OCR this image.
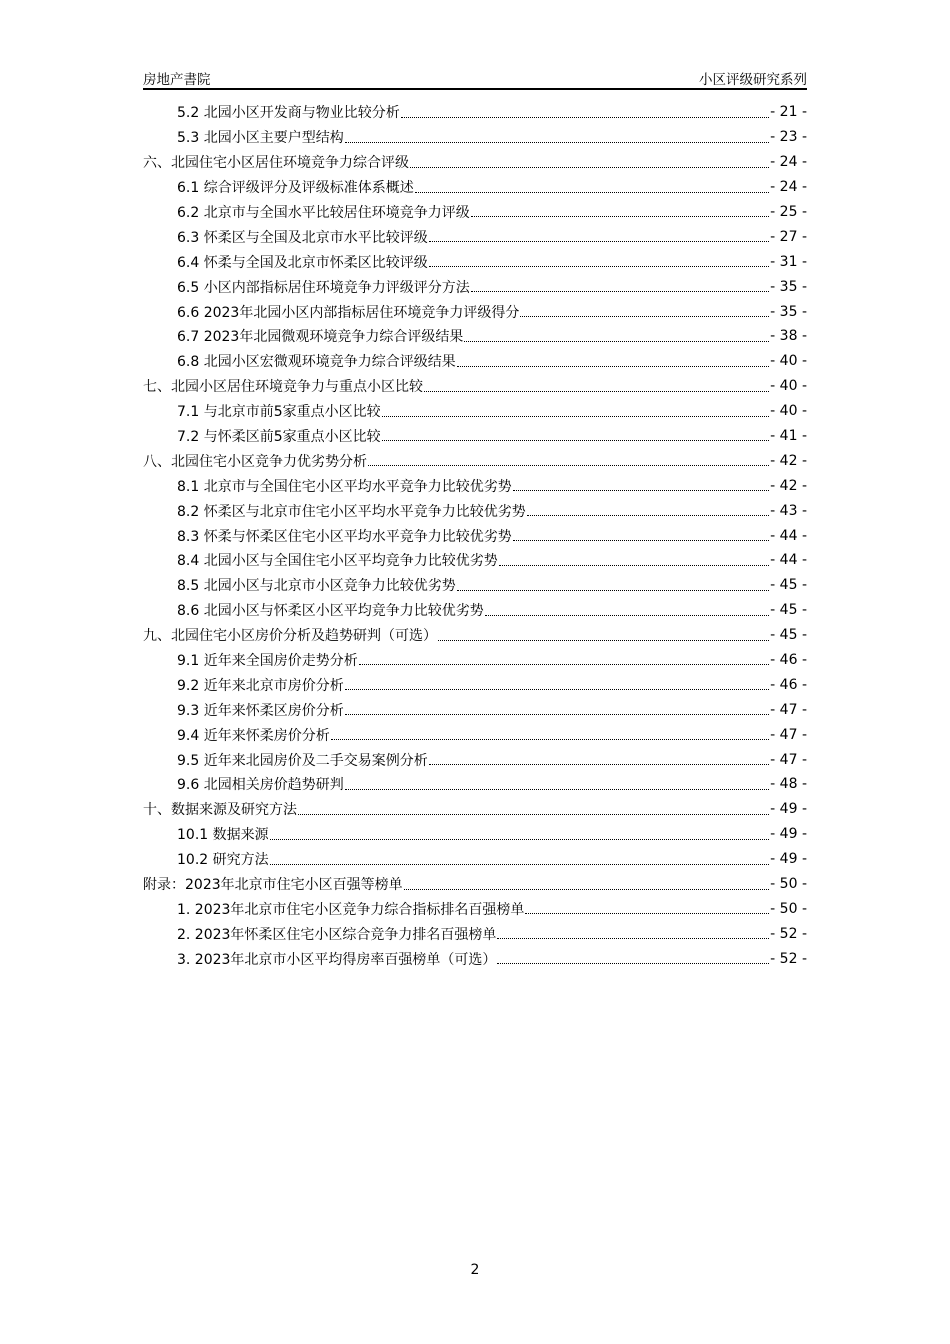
房地产書院	小区评级研究系列
5.2 北园小区开发商与物业比较分析	- 21 -
5.3 北园小区主要户型结构	- 23 -
六、北园住宅小区居住环境竞争力综合评级	- 24 -
6.1 综合评级评分及评级标准体系概述	- 24 -
6.2 北京市与全国水平比较居住环境竞争力评级	- 25 -
6.3 怀柔区与全国及北京市水平比较评级	- 27 -
6.4 怀柔与全国及北京市怀柔区比较评级	- 31 -
6.5 小区内部指标居住环境竞争力评级评分方法	- 35 -
6.6 2023年北园小区内部指标居住环境竞争力评级得分	- 35 -
6.7 2023年北园微观环境竞争力综合评级结果	- 38 -
6.8 北园小区宏微观环境竞争力综合评级结果	- 40 -
七、北园小区居住环境竞争力与重点小区比较	- 40 -
7.1 与北京市前5家重点小区比较	- 40 -
7.2 与怀柔区前5家重点小区比较	- 41 -
八、北园住宅小区竞争力优劣势分析	- 42 -
8.1 北京市与全国住宅小区平均水平竞争力比较优劣势	- 42 -
8.2 怀柔区与北京市住宅小区平均水平竞争力比较优劣势	- 43 -
8.3 怀柔与怀柔区住宅小区平均水平竞争力比较优劣势	- 44 -
8.4 北园小区与全国住宅小区平均竞争力比较优劣势	- 44 -
8.5 北园小区与北京市小区竞争力比较优劣势	- 45 -
8.6 北园小区与怀柔区小区平均竞争力比较优劣势	- 45 -
九、北园住宅小区房价分析及趋势研判（可选）	- 45 -
9.1 近年来全国房价走势分析	- 46 -
9.2 近年来北京市房价分析	- 46 -
9.3 近年来怀柔区房价分析	- 47 -
9.4 近年来怀柔房价分析	- 47 -
9.5 近年来北园房价及二手交易案例分析	- 47 -
9.6 北园相关房价趋势研判	- 48 -
十、数据来源及研究方法	- 49 -
10.1 数据来源	- 49 -
10.2 研究方法	- 49 -
附录：2023年北京市住宅小区百强等榜单	- 50 -
1. 2023年北京市住宅小区竞争力综合指标排名百强榜单	- 50 -
2. 2023年怀柔区住宅小区综合竞争力排名百强榜单	- 52 -
3. 2023年北京市小区平均得房率百强榜单（可选）	- 52 -
2
